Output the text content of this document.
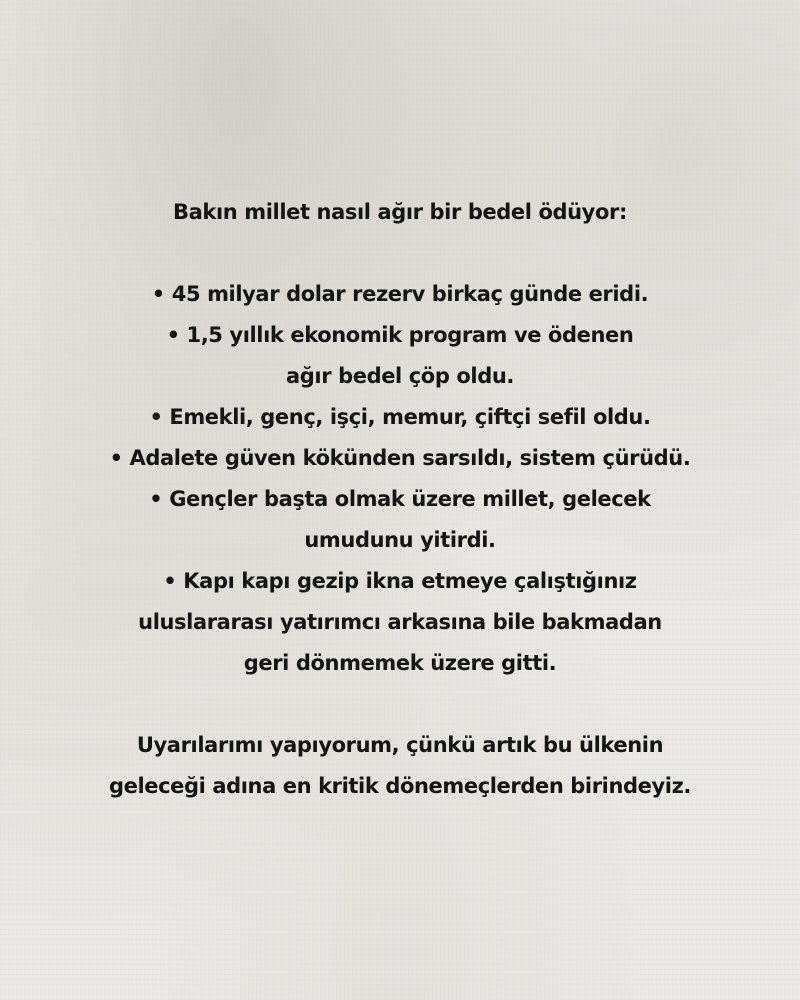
Bakın millet nasıl ağır bir bedel ödüyor:
• 45 milyar dolar rezerv birkaç günde eridi.
• 1,5 yıllık ekonomik program ve ödenen
ağır bedel çöp oldu.
• Emekli, genç, işçi, memur, çiftçi sefil oldu.
• Adalete güven kökünden sarsıldı, sistem çürüdü.
• Gençler başta olmak üzere millet, gelecek
umudunu yitirdi.
• Kapı kapı gezip ikna etmeye çalıştığınız
uluslararası yatırımcı arkasına bile bakmadan
geri dönmemek üzere gitti.
Uyarılarımı yapıyorum, çünkü artık bu ülkenin
geleceği adına en kritik dönemeçlerden birindeyiz.
